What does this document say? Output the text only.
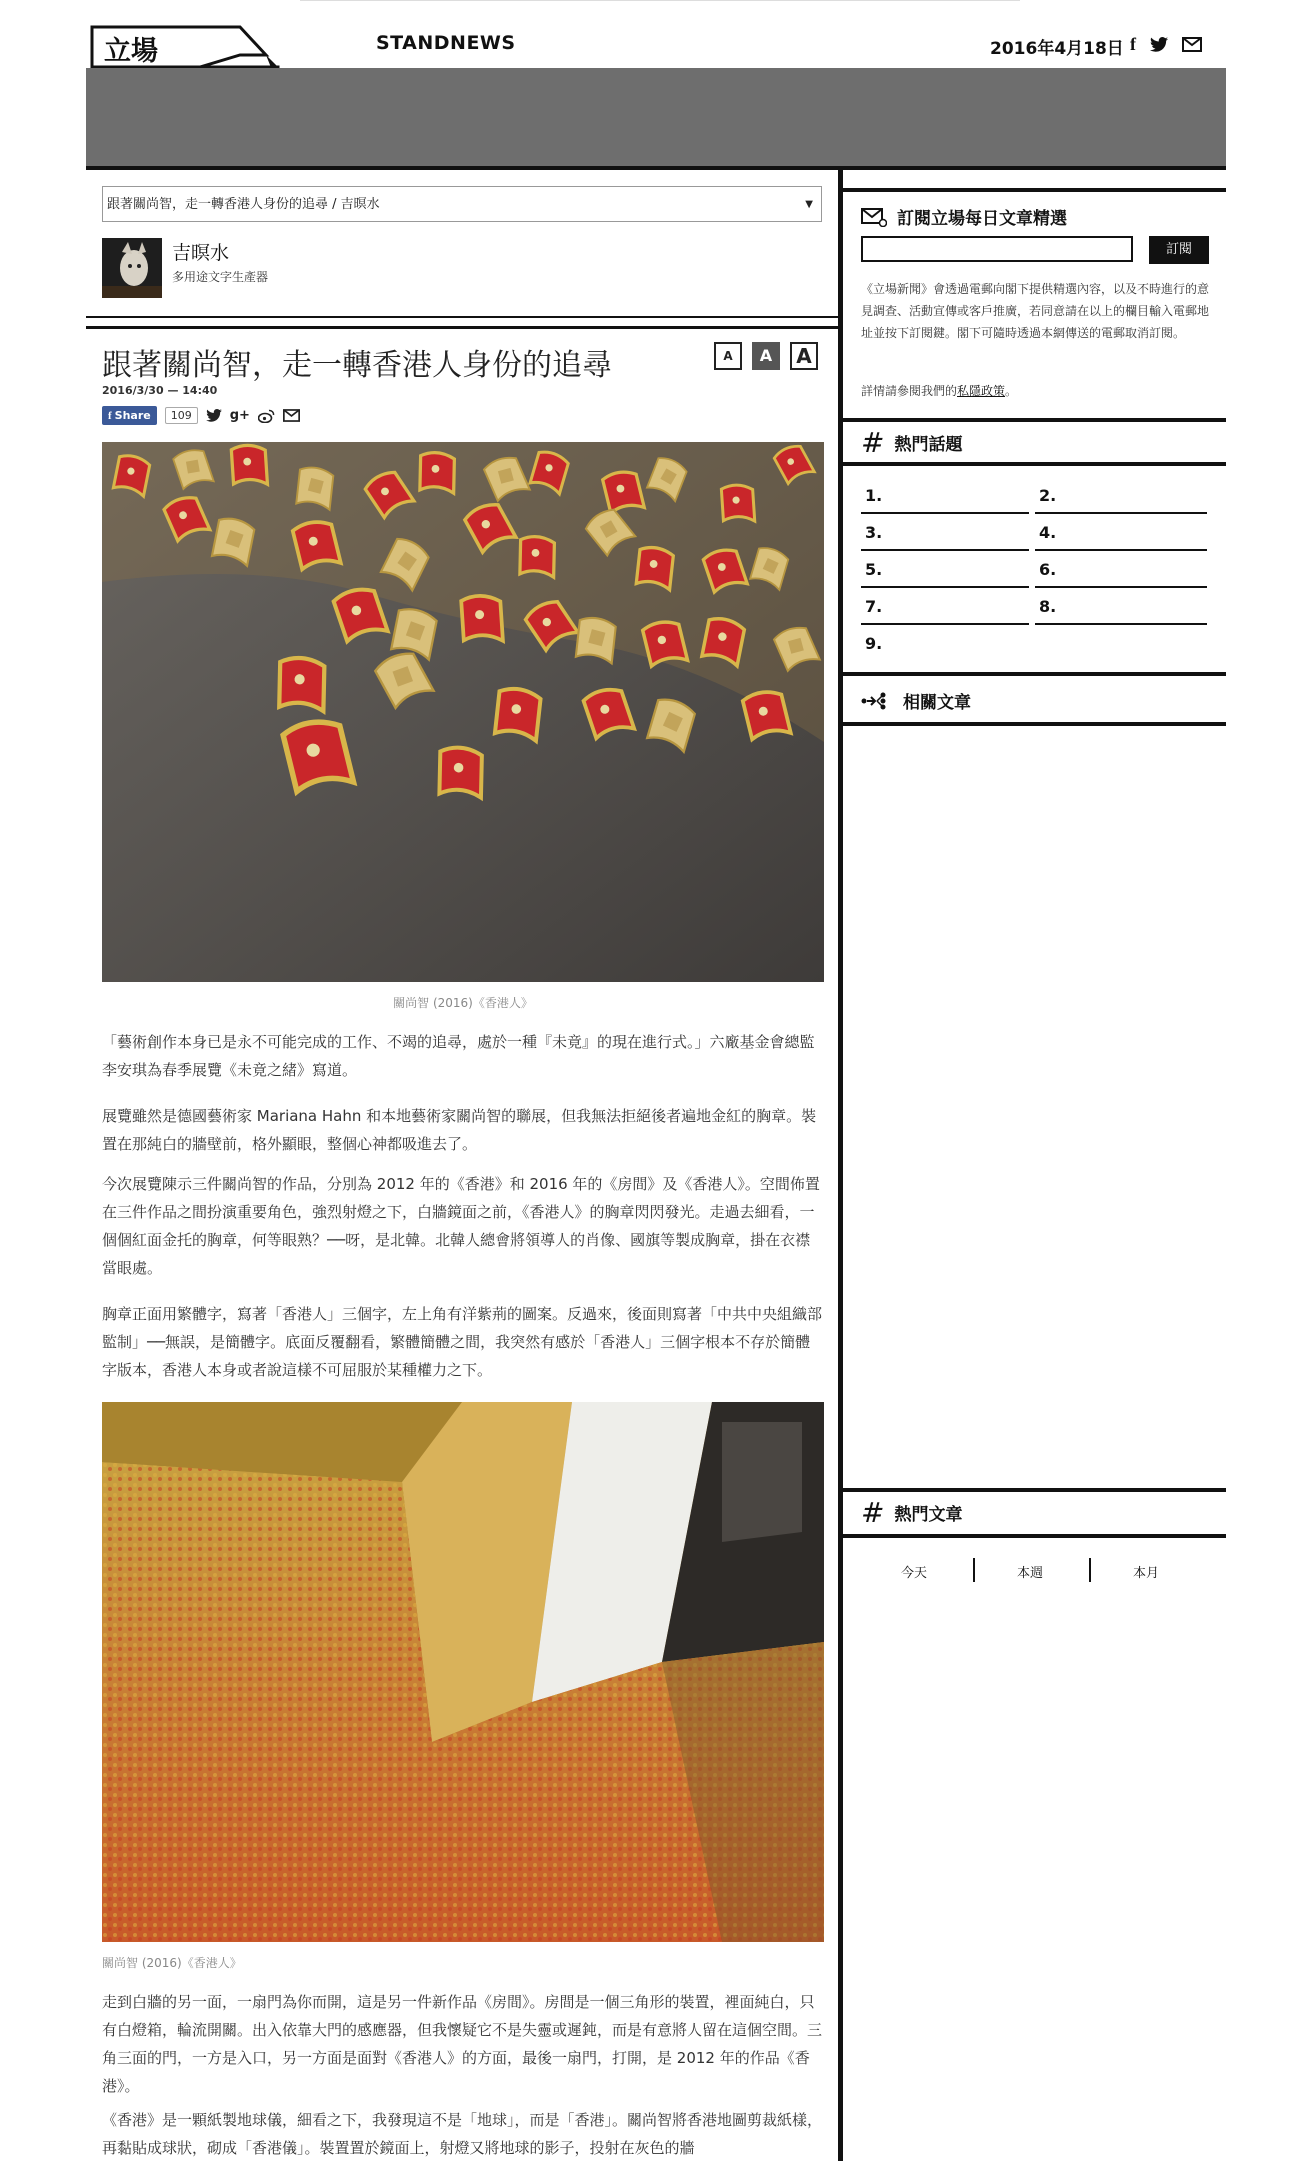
立場	STANDNEWS	2016年4月18日 f
跟著關尚智，走一轉香港人身份的追尋 / 吉暝水	▼
吉暝水
多用途文字生產器
跟著關尚智，走一轉香港人身份的追尋	A	A	A
2016/3/30 — 14:40
f Share	109	g+
關尚智 (2016)《香港人》
「藝術創作本身已是永不可能完成的工作、不竭的追尋，處於一種『未竟』的現在進行式。」六廠基金會總監李安琪為春季展覽《未竟之緒》寫道。
展覽雖然是德國藝術家 Mariana Hahn 和本地藝術家關尚智的聯展，但我無法拒絕後者遍地金紅的胸章。裝置在那純白的牆壁前，格外顯眼，整個心神都吸進去了。
今次展覽陳示三件關尚智的作品，分別為 2012 年的《香港》和 2016 年的《房間》及《香港人》。空間佈置在三件作品之間扮演重要角色，強烈射燈之下，白牆鏡面之前，《香港人》的胸章閃閃發光。走過去細看，一個個紅面金托的胸章，何等眼熟？──呀，是北韓。北韓人總會將領導人的肖像、國旗等製成胸章，掛在衣襟當眼處。
胸章正面用繁體字，寫著「香港人」三個字，左上角有洋紫荊的圖案。反過來，後面則寫著「中共中央組織部監制」──無誤，是簡體字。底面反覆翻看，繁體簡體之間，我突然有感於「香港人」三個字根本不存於簡體字版本，香港人本身或者說這樣不可屈服於某種權力之下。
關尚智 (2016)《香港人》
走到白牆的另一面，一扇門為你而開，這是另一件新作品《房間》。房間是一個三角形的裝置，裡面純白，只有白燈箱，輪流開關。出入依靠大門的感應器，但我懷疑它不是失靈或遲鈍，而是有意將人留在這個空間。三角三面的門，一方是入口，另一方面是面對《香港人》的方面，最後一扇門，打開，是 2012 年的作品《香港》。
《香港》是一顆紙製地球儀，細看之下，我發現這不是「地球」，而是「香港」。關尚智將香港地圖剪裁紙樣，再黏貼成球狀，砌成「香港儀」。裝置置於鏡面上，射燈又將地球的影子，投射在灰色的牆
訂閱立場每日文章精選
訂閱
《立場新聞》會透過電郵向閣下提供精選內容，以及不時進行的意見調查、活動宣傳或客戶推廣，若同意請在以上的欄目輸入電郵地址並按下訂閱鍵。閣下可隨時透過本網傳送的電郵取消訂閱。
詳情請參閱我們的私隱政策。
# 熱門話題
1.	2.
3.	4.
5.	6.
7.	8.
9.
相關文章
# 熱門文章
今天	本週	本月
